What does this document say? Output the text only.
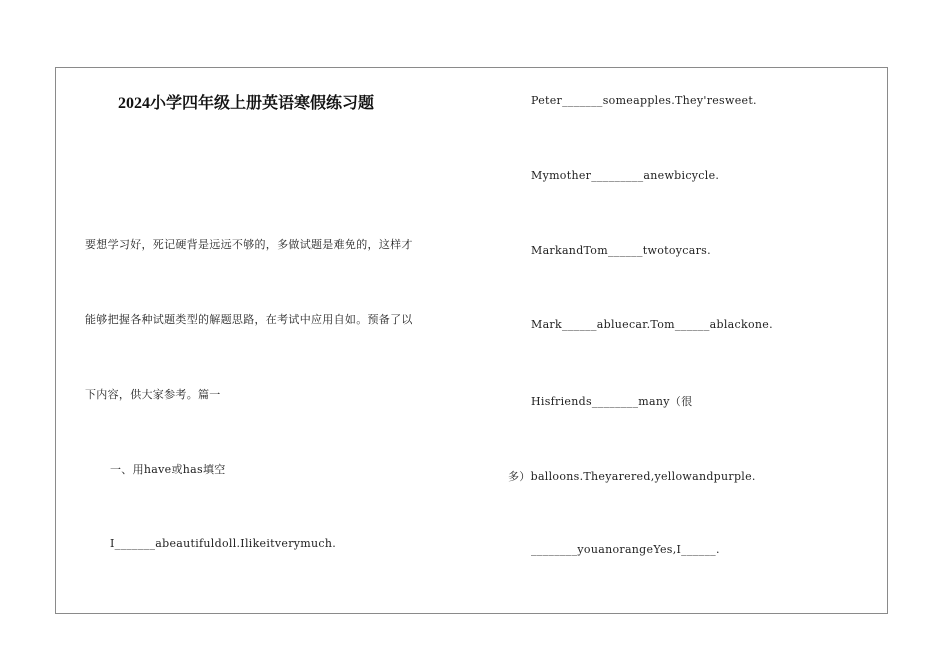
2024小学四年级上册英语寒假练习题
要想学习好，死记硬背是远远不够的，多做试题是难免的，这样才
能够把握各种试题类型的解题思路，在考试中应用自如。预备了以
下内容，供大家参考。篇一
一、用have或has填空
I_______abeautifuldoll.Ilikeitverymuch.
Peter_______someapples.They'resweet.
Mymother_________anewbicycle.
MarkandTom______twotoycars.
Mark______abluecar.Tom______ablackone.
Hisfriends________many（很
多）balloons.Theyarered,yellowandpurple.
________youanorangeYes,I______.
